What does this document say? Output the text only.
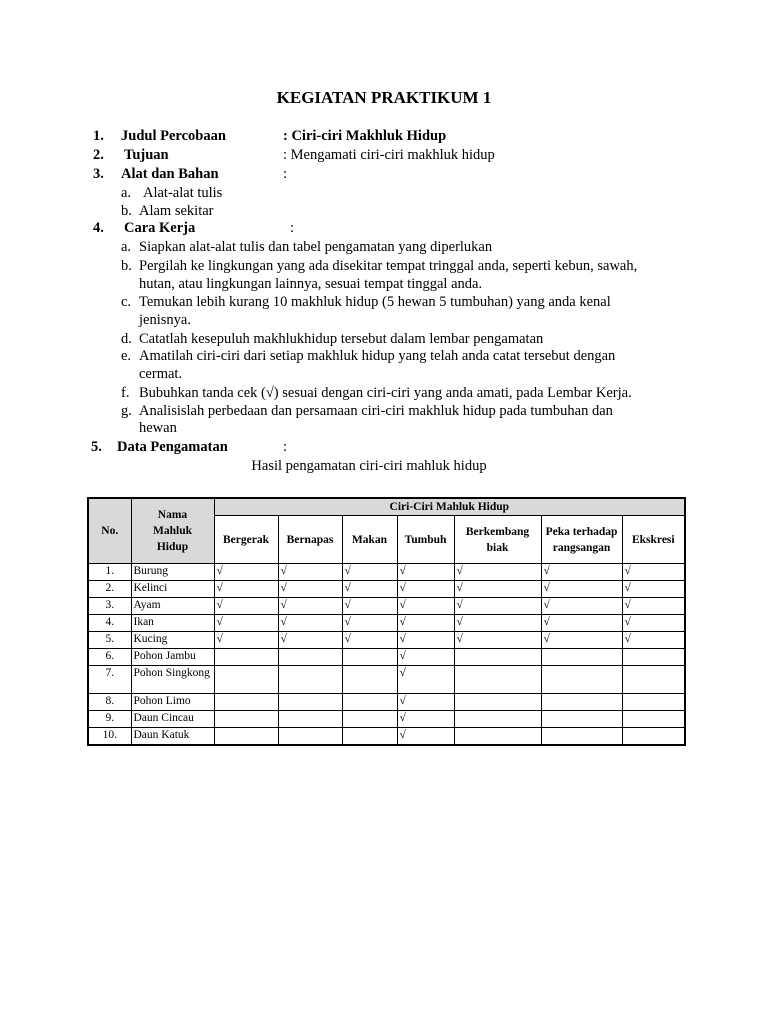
KEGIATAN PRAKTIKUM 1
1. Judul Percobaan	: Ciri-ciri Makhluk Hidup
2. Tujuan	: Mengamati ciri-ciri makhluk hidup
3. Alat dan Bahan	:
a. Alat-alat tulis
b. Alam sekitar
4. Cara Kerja	:
a. Siapkan alat-alat tulis dan tabel pengamatan yang diperlukan
b. Pergilah ke lingkungan yang ada disekitar tempat tringgal anda, seperti kebun, sawah,
hutan, atau lingkungan lainnya, sesuai tempat tinggal anda.
c. Temukan lebih kurang 10 makhluk hidup (5 hewan 5 tumbuhan) yang anda kenal
jenisnya.
d. Catatlah kesepuluh makhlukhidup tersebut dalam lembar pengamatan
e. Amatilah ciri-ciri dari setiap makhluk hidup yang telah anda catat tersebut dengan
cermat.
f. Bubuhkan tanda cek (√) sesuai dengan ciri-ciri yang anda amati, pada Lembar Kerja.
g. Analisislah perbedaan dan persamaan ciri-ciri makhluk hidup pada tumbuhan dan
hewan
5. Data Pengamatan	:
Hasil pengamatan ciri-ciri mahluk hidup
No.	Nama Mahluk Hidup	Ciri-Ciri Mahluk Hidup						
		Bergerak	Bernapas	Makan	Tumbuh	Berkembang biak	Peka terhadap rangsangan	Ekskresi
1.	Burung	√	√	√	√	√	√	√
2.	Kelinci	√	√	√	√	√	√	√
3.	Ayam	√	√	√	√	√	√	√
4.	Ikan	√	√	√	√	√	√	√
5.	Kucing	√	√	√	√	√	√	√
6.	Pohon Jambu				√			
7.	Pohon Singkong				√			
8.	Pohon Limo				√			
9.	Daun Cincau				√			
10.	Daun Katuk				√			
